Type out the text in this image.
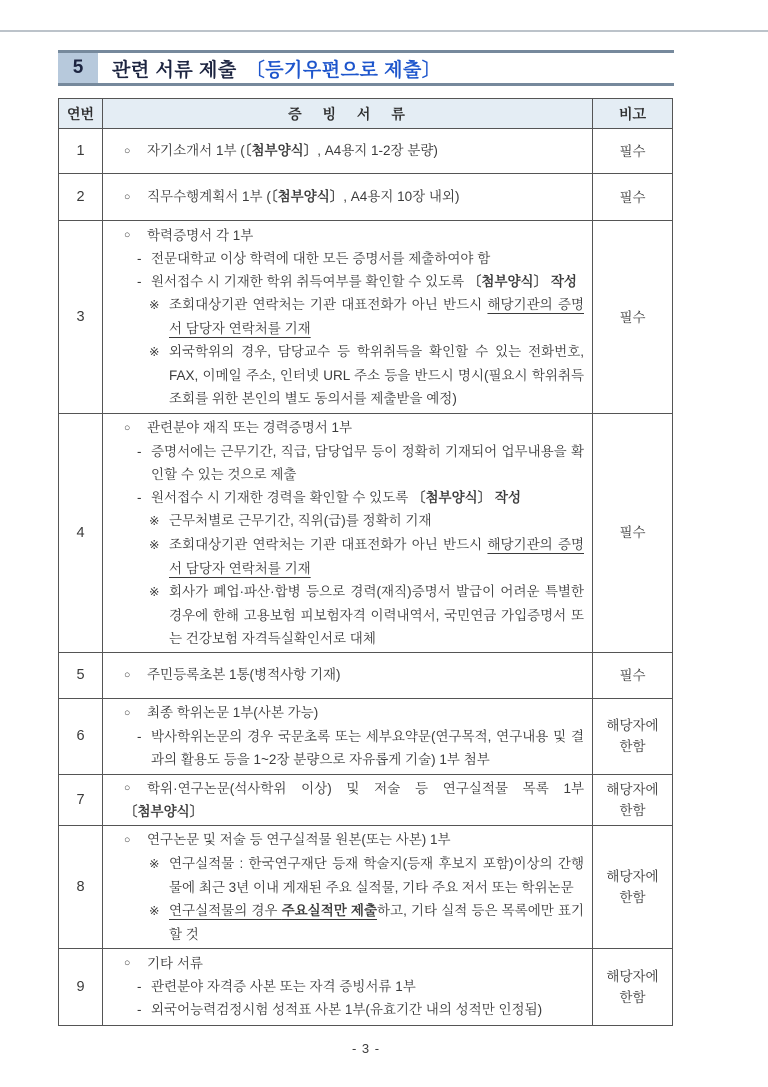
5	관련 서류 제출 〔등기우편으로 제출〕
연번	증 빙 서 류	비고
1	○ 자기소개서 1부 (〔첨부양식〕, A4용지 1-2장 분량)	필수
2	○ 직무수행계획서 1부 (〔첨부양식〕, A4용지 10장 내외)	필수
3	○ 학력증명서 각 1부
- 전문대학교 이상 학력에 대한 모든 증명서를 제출하여야 함
- 원서접수 시 기재한 학위 취득여부를 확인할 수 있도록 〔첨부양식〕 작성
※ 조회대상기관 연락처는 기관 대표전화가 아닌 반드시 해당기관의 증명서 담당자 연락처를 기재
※ 외국학위의 경우, 담당교수 등 학위취득을 확인할 수 있는 전화번호, FAX, 이메일 주소, 인터넷 URL 주소 등을 반드시 명시(필요시 학위취득 조회를 위한 본인의 별도 동의서를 제출받을 예정)	필수
4	
○ 관련분야 재직 또는 경력증명서 1부
- 증명서에는 근무기간, 직급, 담당업무 등이 정확히 기재되어 업무내용을 확인할 수 있는 것으로 제출
- 원서접수 시 기재한 경력을 확인할 수 있도록 〔첨부양식〕 작성
※ 근무처별로 근무기간, 직위(급)를 정확히 기재
※ 조회대상기관 연락처는 기관 대표전화가 아닌 반드시 해당기관의 증명서 담당자 연락처를 기재
※ 회사가 폐업·파산·합병 등으로 경력(재직)증명서 발급이 어려운 특별한 경우에 한해 고용보험 피보험자격 이력내역서, 국민연금 가입증명서 또는 건강보험 자격득실확인서로 대체
	필수
5	○ 주민등록초본 1통(병적사항 기재)	필수
6	○ 최종 학위논문 1부(사본 가능)
- 박사학위논문의 경우 국문초록 또는 세부요약문(연구목적, 연구내용 및 결과의 활용도 등을 1~2장 분량으로 자유롭게 기술) 1부 첨부	해당자에 한함
7	○ 학위·연구논문(석사학위 이상) 및 저술 등 연구실적물 목록 1부 〔첨부양식〕	해당자에 한함
8	○ 연구논문 및 저술 등 연구실적물 원본(또는 사본) 1부
※ 연구실적물 : 한국연구재단 등재 학술지(등재 후보지 포함)이상의 간행물에 최근 3년 이내 게재된 주요 실적물, 기타 주요 저서 또는 학위논문
※ 연구실적물의 경우 주요실적만 제출하고, 기타 실적 등은 목록에만 표기할 것	해당자에 한함
9	○ 기타 서류
- 관련분야 자격증 사본 또는 자격 증빙서류 1부
- 외국어능력검정시험 성적표 사본 1부(유효기간 내의 성적만 인정됨)	해당자에 한함
- 3 -
